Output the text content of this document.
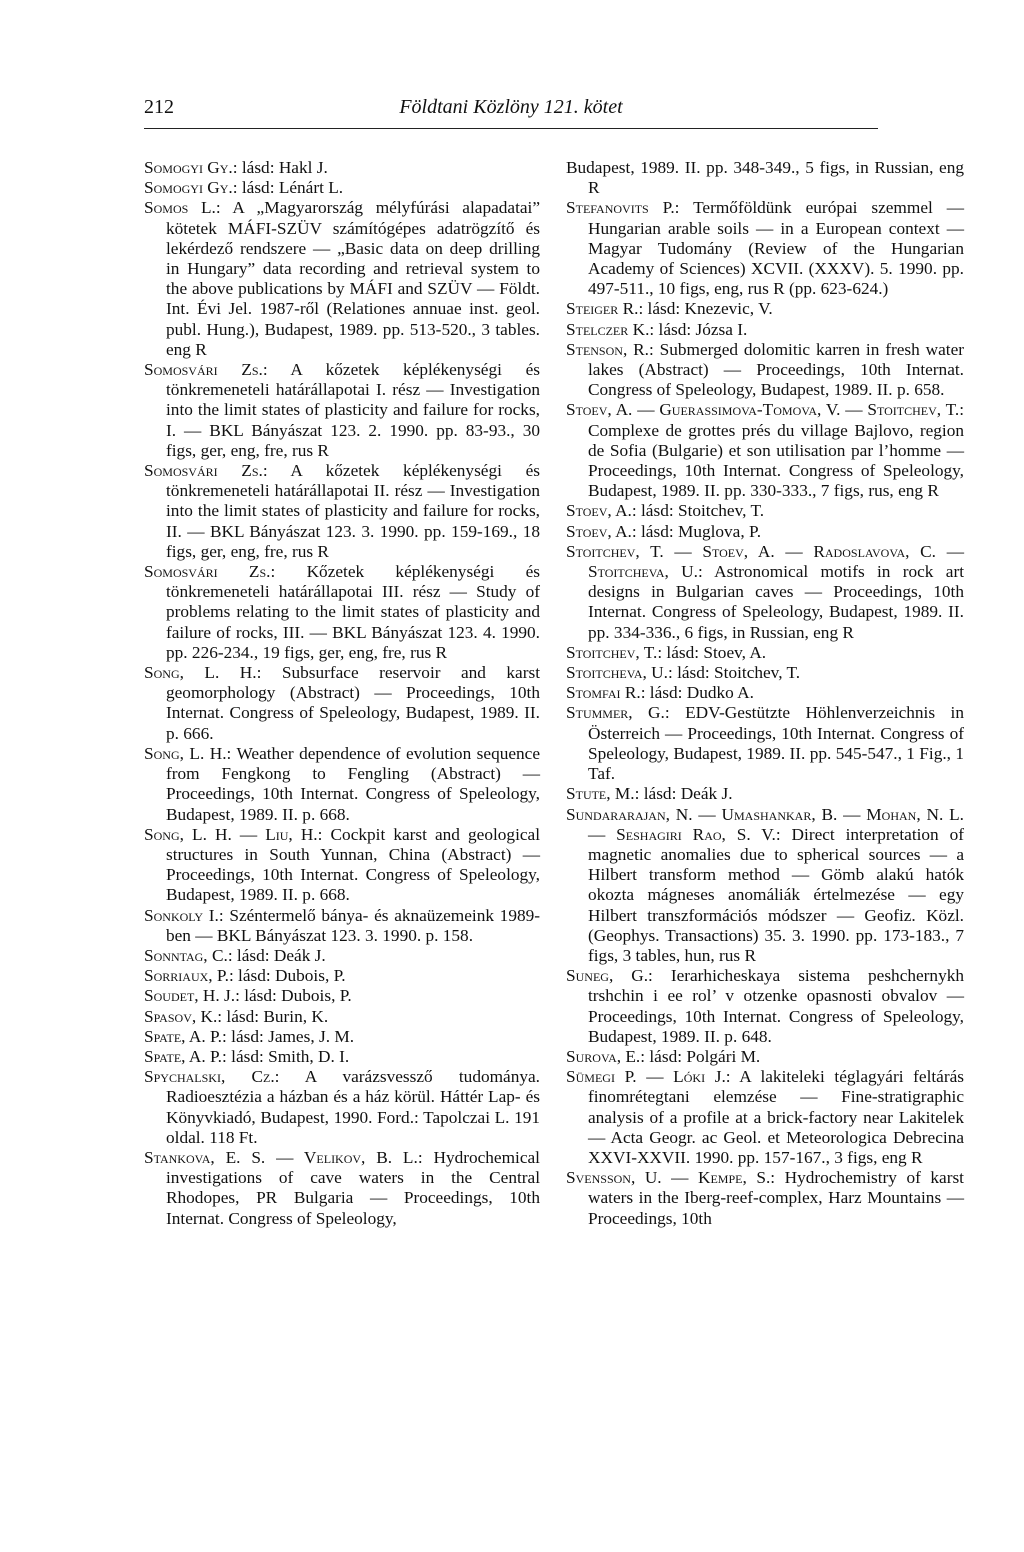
212	Földtani Közlöny 121. kötet

Somogyi Gy.: lásd: Hakl J.

Somogyi Gy.: lásd: Lénárt L.

Somos L.: A „Magyarország mélyfúrási alapadatai” kötetek MÁFI-SZÜV számítógépes adatrögzítő és lekérdező rendszere — „Basic data on deep drilling in Hungary” data recording and retrieval system to the above publications by MÁFI and SZÜV — Földt. Int. Évi Jel. 1987-ről (Relationes annuae inst. geol. publ. Hung.), Budapest, 1989. pp. 513-520., 3 tables. eng R

Somosvári Zs.: A kőzetek képlékenységi és tönkremeneteli határállapotai I. rész — Investigation into the limit states of plasticity and failure for rocks, I. — BKL Bányászat 123. 2. 1990. pp. 83-93., 30 figs, ger, eng, fre, rus R

Somosvári Zs.: A kőzetek képlékenységi és tönkremeneteli határállapotai II. rész — Investigation into the limit states of plasticity and failure for rocks, II. — BKL Bányászat 123. 3. 1990. pp. 159-169., 18 figs, ger, eng, fre, rus R

Somosvári Zs.: Kőzetek képlékenységi és tönkremeneteli határállapotai III. rész — Study of problems relating to the limit states of plasticity and failure of rocks, III. — BKL Bányászat 123. 4. 1990. pp. 226-234., 19 figs, ger, eng, fre, rus R

Song, L. H.: Subsurface reservoir and karst geomorphology (Abstract) — Proceedings, 10th Internat. Congress of Speleology, Budapest, 1989. II. p. 666.

Song, L. H.: Weather dependence of evolution sequence from Fengkong to Fengling (Abstract) — Proceedings, 10th Internat. Congress of Speleology, Budapest, 1989. II. p. 668.

Song, L. H. — Liu, H.: Cockpit karst and geological structures in South Yunnan, China (Abstract) — Proceedings, 10th Internat. Congress of Speleology, Budapest, 1989. II. p. 668.

Sonkoly I.: Széntermelő bánya- és aknaüzemeink 1989-ben — BKL Bányászat 123. 3. 1990. p. 158.

Sonntag, C.: lásd: Deák J.

Sorriaux, P.: lásd: Dubois, P.

Soudet, H. J.: lásd: Dubois, P.

Spasov, K.: lásd: Burin, K.

Spate, A. P.: lásd: James, J. M.

Spate, A. P.: lásd: Smith, D. I.

Spychalski, Cz.: A varázsvessző tudománya. Radioesztézia a házban és a ház körül. Háttér Lap- és Könyvkiadó, Budapest, 1990. Ford.: Tapolczai L. 191 oldal. 118 Ft.

Stankova, E. S. — Velikov, B. L.: Hydrochemical investigations of cave waters in the Central Rhodopes, PR Bulgaria — Proceedings, 10th Internat. Congress of Speleology,

Budapest, 1989. II. pp. 348-349., 5 figs, in Russian, eng R

Stefanovits P.: Termőföldünk európai szemmel — Hungarian arable soils — in a European context — Magyar Tudomány (Review of the Hungarian Academy of Sciences) XCVII. (XXXV). 5. 1990. pp. 497-511., 10 figs, eng, rus R (pp. 623-624.)

Steiger R.: lásd: Knezevic, V.

Stelczer K.: lásd: Józsa I.

Stenson, R.: Submerged dolomitic karren in fresh water lakes (Abstract) — Proceedings, 10th Internat. Congress of Speleology, Budapest, 1989. II. p. 658.

Stoev, A. — Guerassimova-Tomova, V. — Stoitchev, T.: Complexe de grottes prés du village Bajlovo, region de Sofia (Bulgarie) et son utilisation par l’homme — Proceedings, 10th Internat. Congress of Speleology, Budapest, 1989. II. pp. 330-333., 7 figs, rus, eng R

Stoev, A.: lásd: Stoitchev, T.

Stoev, A.: lásd: Muglova, P.

Stoitchev, T. — Stoev, A. — Radoslavova, C. — Stoitcheva, U.: Astronomical motifs in rock art designs in Bulgarian caves — Proceedings, 10th Internat. Congress of Speleology, Budapest, 1989. II. pp. 334-336., 6 figs, in Russian, eng R

Stoitchev, T.: lásd: Stoev, A.

Stoitcheva, U.: lásd: Stoitchev, T.

Stomfai R.: lásd: Dudko A.

Stummer, G.: EDV-Gestützte Höhlenverzeichnis in Österreich — Proceedings, 10th Internat. Congress of Speleology, Budapest, 1989. II. pp. 545-547., 1 Fig., 1 Taf.

Stute, M.: lásd: Deák J.

Sundararajan, N. — Umashankar, B. — Mohan, N. L. — Seshagiri Rao, S. V.: Direct interpretation of magnetic anomalies due to spherical sources — a Hilbert transform method — Gömb alakú hatók okozta mágneses anomáliák értelmezése — egy Hilbert transzformációs módszer — Geofiz. Közl. (Geophys. Transactions) 35. 3. 1990. pp. 173-183., 7 figs, 3 tables, hun, rus R

Suneg, G.: Ierarhicheskaya sistema peshchernykh trshchin i ee rol’ v otzenke opasnosti obvalov — Proceedings, 10th Internat. Congress of Speleology, Budapest, 1989. II. p. 648.

Surova, E.: lásd: Polgári M.

Sümegi P. — Lóki J.: A lakiteleki téglagyári feltárás finomrétegtani elemzése — Fine-stratigraphic analysis of a profile at a brick-factory near Lakitelek — Acta Geogr. ac Geol. et Meteorologica Debrecina XXVI-XXVII. 1990. pp. 157-167., 3 figs, eng R

Svensson, U. — Kempe, S.: Hydrochemistry of karst waters in the Iberg-reef-complex, Harz Mountains — Proceedings, 10th
